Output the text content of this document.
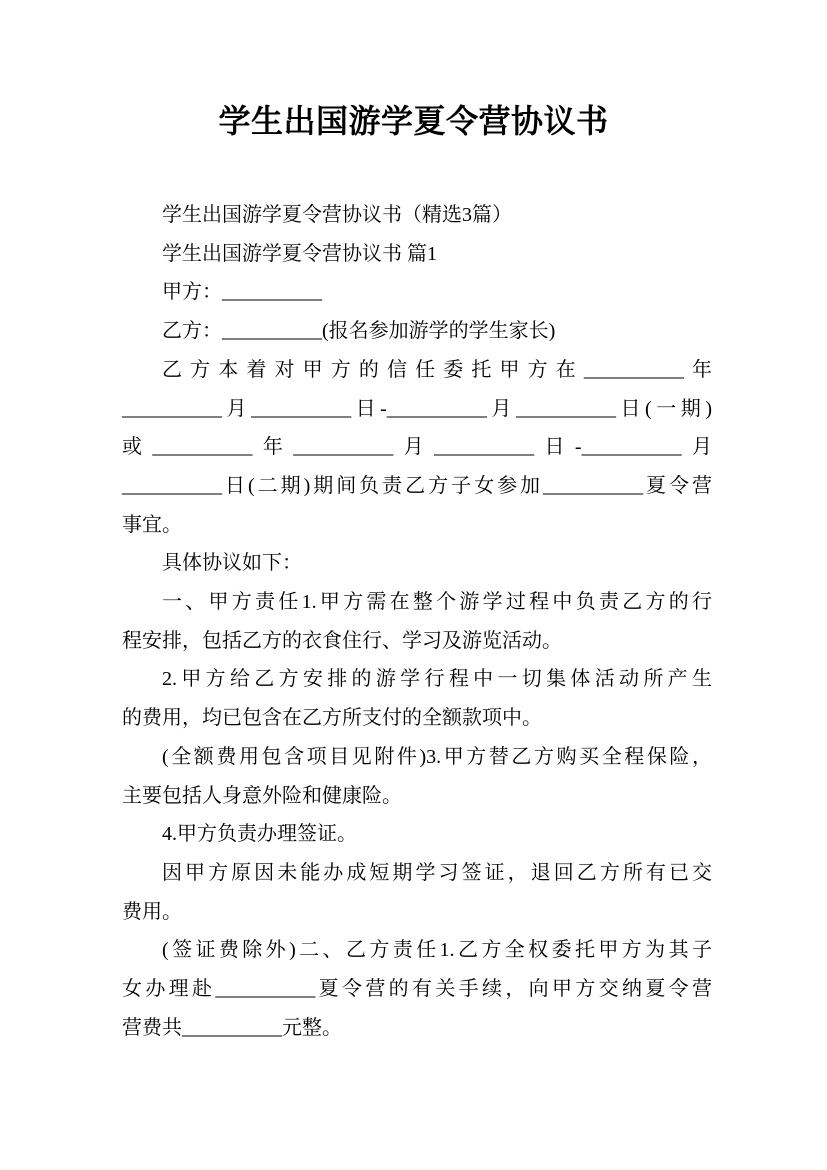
学生出国游学夏令营协议书
学生出国游学夏令营协议书（精选3篇）
学生出国游学夏令营协议书 篇1
甲方：__________
乙方：__________(报名参加游学的学生家长)
乙方本着对甲方的信任委托甲方在__________年
__________月__________日-__________月__________日(一期)
或__________年__________月__________日-__________月
__________日(二期)期间负责乙方子女参加__________夏令营
事宜。
具体协议如下：
一、甲方责任1.甲方需在整个游学过程中负责乙方的行
程安排，包括乙方的衣食住行、学习及游览活动。
2.甲方给乙方安排的游学行程中一切集体活动所产生
的费用，均已包含在乙方所支付的全额款项中。
(全额费用包含项目见附件)3.甲方替乙方购买全程保险，
主要包括人身意外险和健康险。
4.甲方负责办理签证。
因甲方原因未能办成短期学习签证，退回乙方所有已交
费用。
(签证费除外)二、乙方责任1.乙方全权委托甲方为其子
女办理赴__________夏令营的有关手续，向甲方交纳夏令营
营费共__________元整。
